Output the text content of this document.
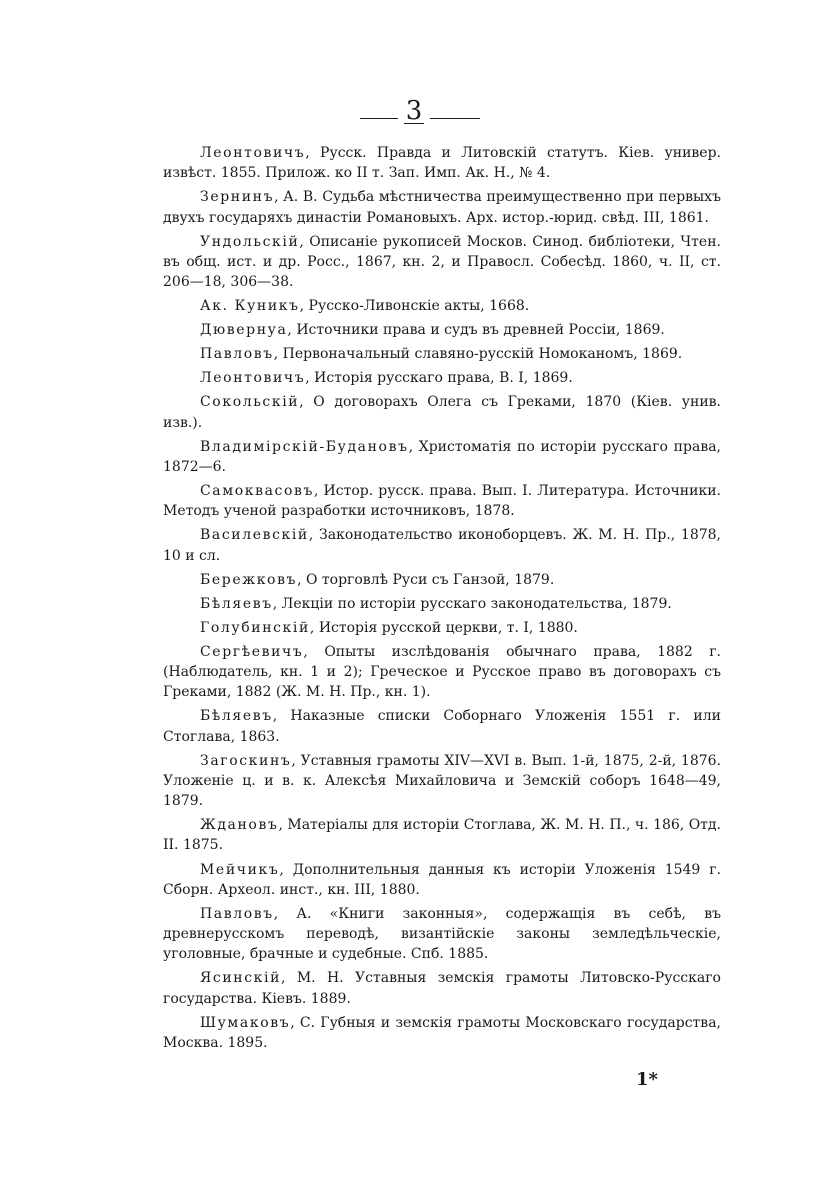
3

Леонтовичъ, Русск. Правда и Литовскій статутъ. Кіев. универ. извѣст. 1855. Прилож. ко II т. Зап. Имп. Ак. Н., № 4.

Зернинъ, А. В. Судьба мѣстничества преимущественно при первыхъ двухъ государяхъ династіи Романовыхъ. Арх. истор.-юрид. свѣд. III, 1861.

Ундольскій, Описаніе рукописей Москов. Синод. библіотеки, Чтен. въ общ. ист. и др. Росс., 1867, кн. 2, и Правосл. Собесѣд. 1860, ч. II, ст. 206—18, 306—38.

Ак. Куникъ, Русско-Ливонскіе акты, 1668.

Дювернуа, Источники права и судъ въ древней Россіи, 1869.

Павловъ, Первоначальный славяно-русскій Номоканомъ, 1869.

Леонтовичъ, Исторія русскаго права, В. I, 1869.

Сокольскій, О договорахъ Олега съ Греками, 1870 (Кіев. унив. изв.).

Владимірскій-Будановъ, Христоматія по исторіи русскаго права, 1872—6.

Самоквасовъ, Истор. русск. права. Вып. I. Литература. Источники. Методъ ученой разработки источниковъ, 1878.

Василевскій, Законодательство иконоборцевъ. Ж. М. Н. Пр., 1878, 10 и сл.

Бережковъ, О торговлѣ Руси съ Ганзой, 1879.

Бѣляевъ, Лекціи по исторіи русскаго законодательства, 1879.

Голубинскій, Исторія русской церкви, т. I, 1880.

Сергѣевичъ, Опыты изслѣдованія обычнаго права, 1882 г. (Наблюдатель, кн. 1 и 2); Греческое и Русское право въ договорахъ съ Греками, 1882 (Ж. М. Н. Пр., кн. 1).

Бѣляевъ, Наказные списки Соборнаго Уложенія 1551 г. или Стоглава, 1863.

Загоскинъ, Уставныя грамоты XIV—XVI в. Вып. 1-й, 1875, 2-й, 1876. Уложеніе ц. и в. к. Алексѣя Михайловича и Земскій соборъ 1648—49, 1879.

Ждановъ, Матеріалы для исторіи Стоглава, Ж. М. Н. П., ч. 186, Отд. II. 1875.

Мейчикъ, Дополнительныя данныя къ исторіи Уложенія 1549 г. Сборн. Археол. инст., кн. III, 1880.

Павловъ, А. «Книги законныя», содержащія въ себѣ, въ древнерусскомъ переводѣ, византійскіе законы земледѣльческіе, уголовные, брачные и судебные. Спб. 1885.

Ясинскій, М. Н. Уставныя земскія грамоты Литовско-Русскаго государства. Кіевъ. 1889.

Шумаковъ, С. Губныя и земскія грамоты Московскаго государства, Москва. 1895.

1*
